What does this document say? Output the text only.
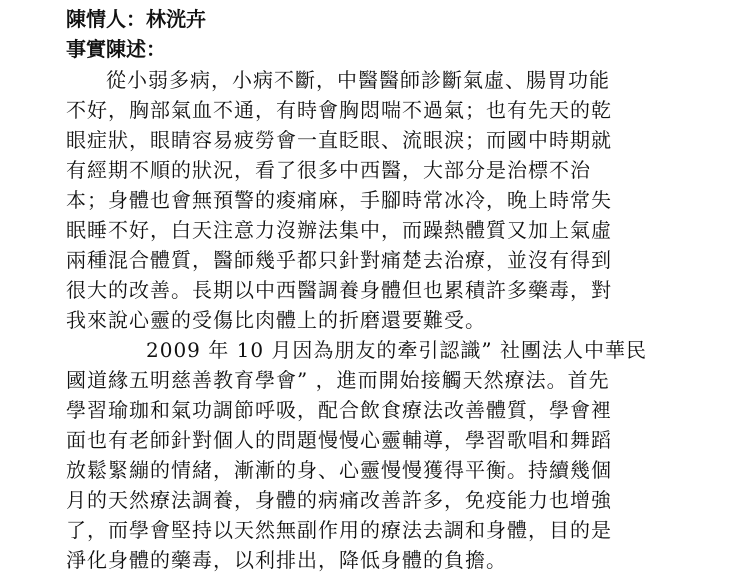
陳情人：林洸卉
事實陳述：
從小弱多病，小病不斷，中醫醫師診斷氣虛、腸胃功能
不好，胸部氣血不通，有時會胸悶喘不過氣；也有先天的乾
眼症狀，眼睛容易疲勞會一直眨眼、流眼淚；而國中時期就
有經期不順的狀況，看了很多中西醫，大部分是治標不治
本；身體也會無預警的痠痛麻，手腳時常冰冷，晚上時常失
眠睡不好，白天注意力沒辦法集中，而躁熱體質又加上氣虛
兩種混合體質，醫師幾乎都只針對痛楚去治療，並沒有得到
很大的改善。長期以中西醫調養身體但也累積許多藥毒，對
我來說心靈的受傷比肉體上的折磨還要難受。
2009 年 10 月因為朋友的牽引認識” 社團法人中華民
國道緣五明慈善教育學會” ，進而開始接觸天然療法。首先
學習瑜珈和氣功調節呼吸，配合飲食療法改善體質，學會裡
面也有老師針對個人的問題慢慢心靈輔導，學習歌唱和舞蹈
放鬆緊繃的情緒，漸漸的身、心靈慢慢獲得平衡。持續幾個
月的天然療法調養，身體的病痛改善許多，免疫能力也增強
了，而學會堅持以天然無副作用的療法去調和身體，目的是
淨化身體的藥毒，以利排出，降低身體的負擔。
